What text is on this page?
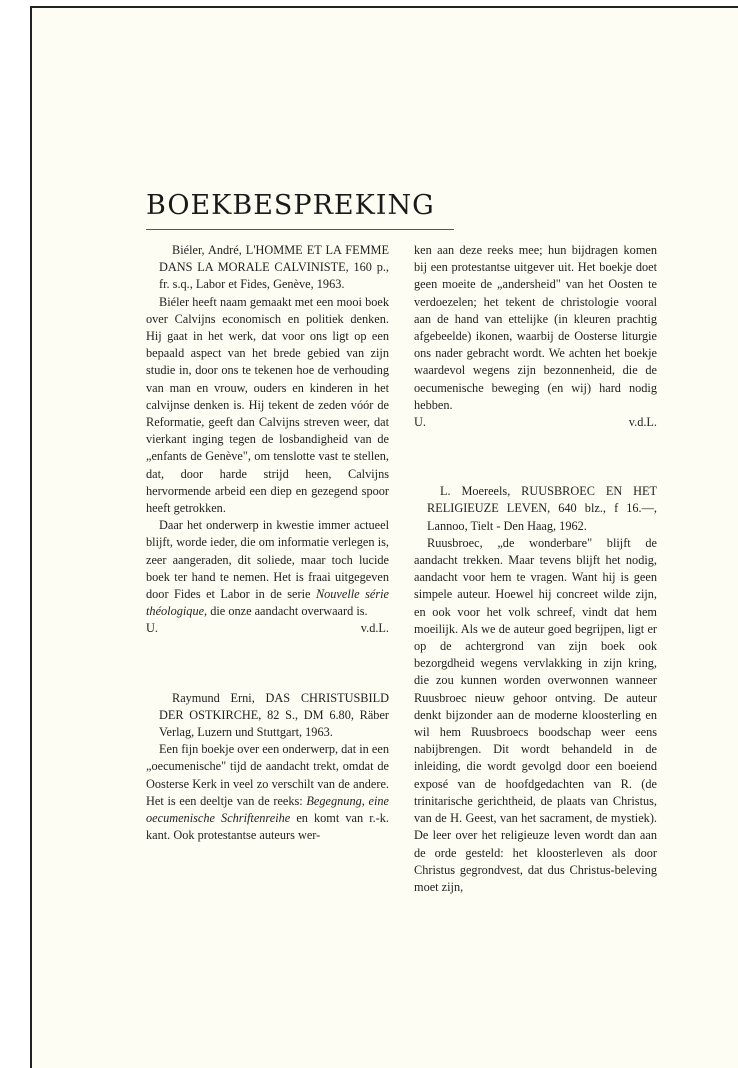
BOEKBESPREKING

Biéler, André, L'HOMME ET LA FEMME DANS LA MORALE CALVINISTE, 160 p., fr. s.q., Labor et Fides, Genève, 1963.

Biéler heeft naam gemaakt met een mooi boek over Calvijns economisch en politiek denken. Hij gaat in het werk, dat voor ons ligt op een bepaald aspect van het brede gebied van zijn studie in, door ons te tekenen hoe de verhouding van man en vrouw, ouders en kinderen in het calvijnse denken is. Hij tekent de zeden vóór de Reformatie, geeft dan Calvijns streven weer, dat vierkant inging tegen de losbandigheid van de „enfants de Genève", om tenslotte vast te stellen, dat, door harde strijd heen, Calvijns hervormende arbeid een diep en gezegend spoor heeft getrokken.

Daar het onderwerp in kwestie immer actueel blijft, worde ieder, die om informatie verlegen is, zeer aangeraden, dit soliede, maar toch lucide boek ter hand te nemen. Het is fraai uitgegeven door Fides et Labor in de serie Nouvelle série théologique, die onze aandacht overwaard is.

U.	v.d.L.

Raymund Erni, DAS CHRISTUSBILD DER OSTKIRCHE, 82 S., DM 6.80, Räber Verlag, Luzern und Stuttgart, 1963.

Een fijn boekje over een onderwerp, dat in een „oecumenische" tijd de aandacht trekt, omdat de Oosterse Kerk in veel zo verschilt van de andere. Het is een deeltje van de reeks: Begegnung, eine oecumenische Schriftenreihe en komt van r.-k. kant. Ook protestantse auteurs wer-

ken aan deze reeks mee; hun bijdragen komen bij een protestantse uitgever uit. Het boekje doet geen moeite de „andersheid" van het Oosten te verdoezelen; het tekent de christologie vooral aan de hand van ettelijke (in kleuren prachtig afgebeelde) ikonen, waarbij de Oosterse liturgie ons nader gebracht wordt. We achten het boekje waardevol wegens zijn bezonnenheid, die de oecumenische beweging (en wij) hard nodig hebben.

U.	v.d.L.

L. Moereels, RUUSBROEC EN HET RELIGIEUZE LEVEN, 640 blz., f 16.—, Lannoo, Tielt - Den Haag, 1962.

Ruusbroec, „de wonderbare" blijft de aandacht trekken. Maar tevens blijft het nodig, aandacht voor hem te vragen. Want hij is geen simpele auteur. Hoewel hij concreet wilde zijn, en ook voor het volk schreef, vindt dat hem moeilijk. Als we de auteur goed begrijpen, ligt er op de achtergrond van zijn boek ook bezorgdheid wegens vervlakking in zijn kring, die zou kunnen worden overwonnen wanneer Ruusbroec nieuw gehoor ontving. De auteur denkt bijzonder aan de moderne kloosterling en wil hem Ruusbroecs boodschap weer eens nabijbrengen. Dit wordt behandeld in de inleiding, die wordt gevolgd door een boeiend exposé van de hoofdgedachten van R. (de trinitarische gerichtheid, de plaats van Christus, van de H. Geest, van het sacrament, de mystiek). De leer over het religieuze leven wordt dan aan de orde gesteld: het kloosterleven als door Christus gegrondvest, dat dus Christus-beleving moet zijn,
